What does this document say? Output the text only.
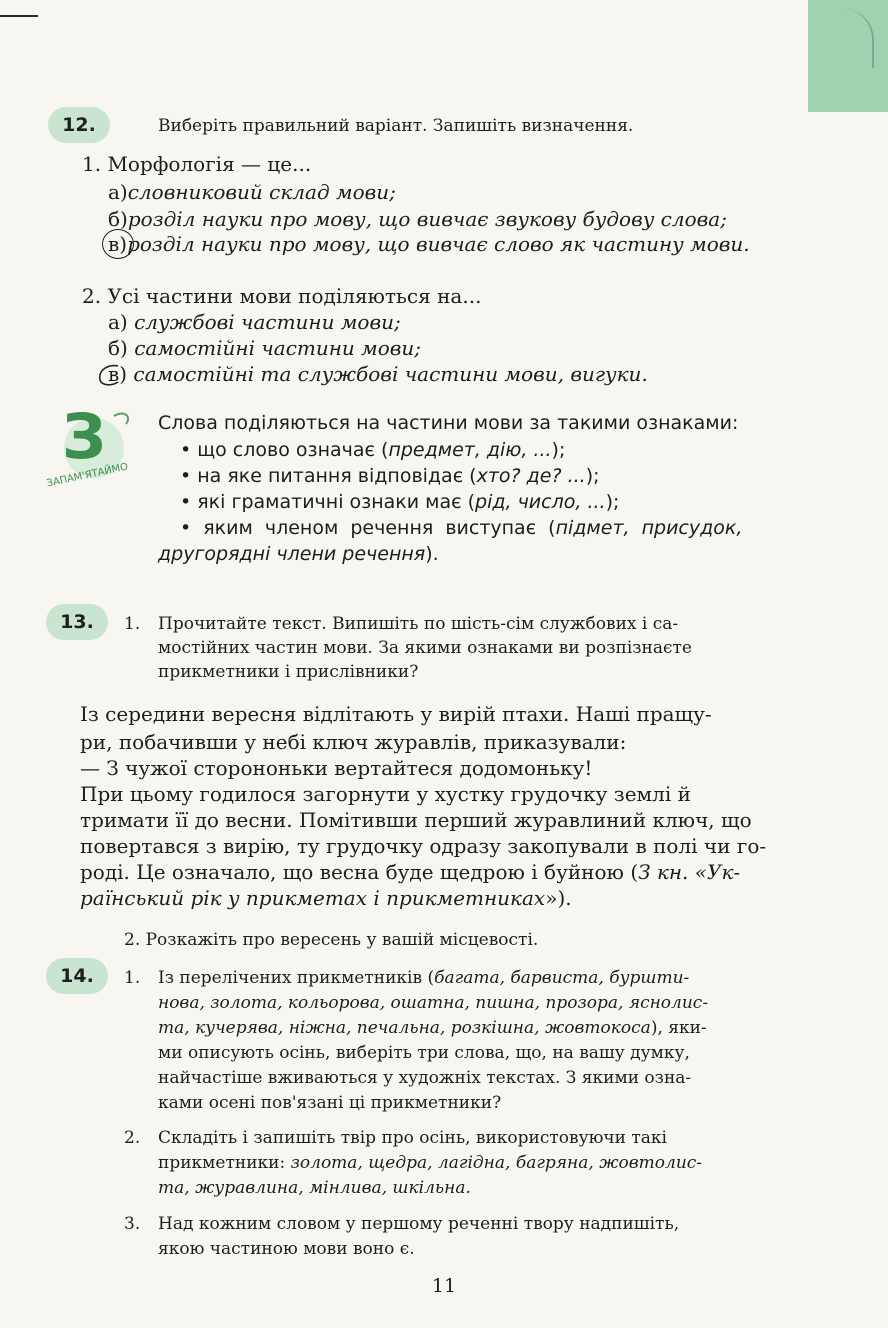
12.	Виберіть правильний варіант. Запишіть визначення.
1. Морфологія — це...
а)словниковий склад мови;
б)розділ науки про мову, що вивчає звукову будову слова;
в)розділ науки про мову, що вивчає слово як частину мови.
2. Усі частини мови поділяються на...
а) службові частини мови;
б) самостійні частини мови;
в) самостійні та службові частини мови, вигуки.
З
ЗАПАМ'ЯТАЙМО
Слова поділяються на частини мови за такими ознаками:
• що слово означає (предмет, дію, ...);
• на яке питання відповідає (хто? де? ...);
• які граматичні ознаки має (рід, число, ...);
• яким членом речення виступає (підмет, присудок,
другорядні члени речення).
13.	1. Прочитайте текст. Випишіть по шість-сім службових і са-
мостійних частин мови. За якими ознаками ви розпізнаєте
прикметники і прислівники?
Із середини вересня відлітають у вирій птахи. Наші пращу-
ри, побачивши у небі ключ журавлів, приказували:
— З чужої сторононьки вертайтеся додомоньку!
При цьому годилося загорнути у хустку грудочку землі й
тримати її до весни. Помітивши перший журавлиний ключ, що
повертався з вирію, ту грудочку одразу закопували в полі чи го-
роді. Це означало, що весна буде щедрою і буйною (З кн. «Ук-
раїнський рік у прикметах і прикметниках»).
2. Розкажіть про вересень у вашій місцевості.
14.	1. Із перелічених прикметників (багата, барвиста, буршти-
нова, золота, кольорова, ошатна, пишна, прозора, яснолис-
та, кучерява, ніжна, печальна, розкішна, жовтокоса), яки-
ми описують осінь, виберіть три слова, що, на вашу думку,
найчастіше вживаються у художніх текстах. З якими озна-
ками осені пов'язані ці прикметники?
2. Складіть і запишіть твір про осінь, використовуючи такі
прикметники: золота, щедра, лагідна, багряна, жовтолис-
та, журавлина, мінлива, шкільна.
3. Над кожним словом у першому реченні твору надпишіть,
якою частиною мови воно є.
11
